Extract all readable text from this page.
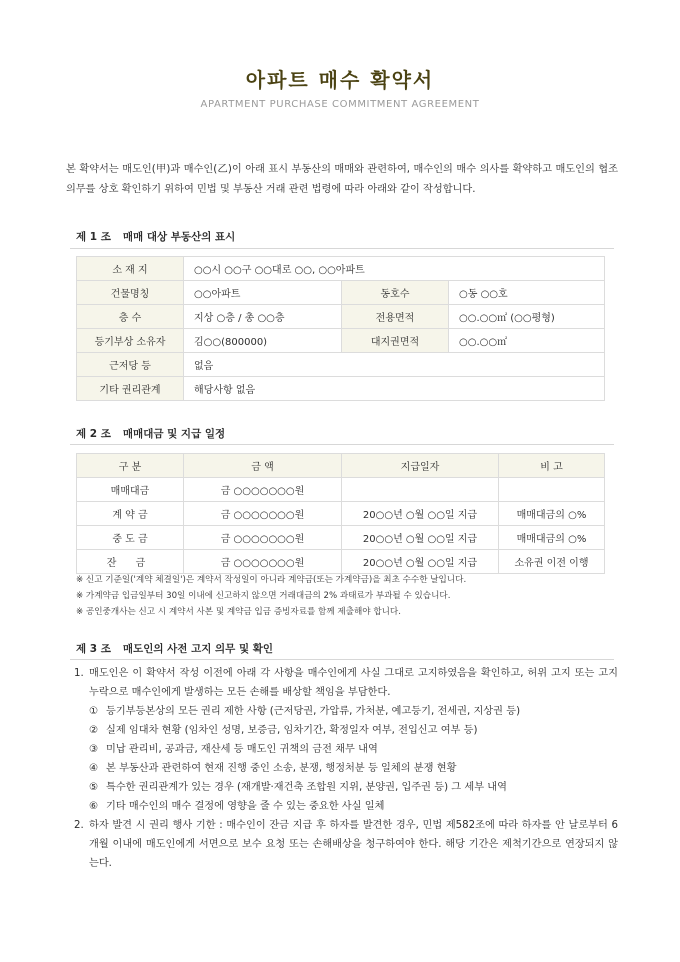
아파트 매수 확약서
APARTMENT PURCHASE COMMITMENT AGREEMENT
본 확약서는 매도인(甲)과 매수인(乙)이 아래 표시 부동산의 매매와 관련하여, 매수인의 매수 의사를 확약하고 매도인의 협조 의무를 상호 확인하기 위하여 민법 및 부동산 거래 관련 법령에 따라 아래와 같이 작성합니다.
제 1 조 매매 대상 부동산의 표시
소 재 지	○○시 ○○구 ○○대로 ○○, ○○아파트		
건물명칭	○○아파트	동호수	○동 ○○호
층 수	지상 ○층 / 총 ○○층	전용면적	○○.○○㎡ (○○평형)
등기부상 소유자	김○○(800000)	대지권면적	○○.○○㎡
근저당 등	없음		
기타 권리관계	해당사항 없음		
제 2 조 매매대금 및 지급 일정
구 분	금 액	지급일자	비 고
매매대금	금 ○○○○○○○원		
계 약 금	금 ○○○○○○○원	20○○년 ○월 ○○일 지급	매매대금의 ○%
중 도 금	금 ○○○○○○○원	20○○년 ○월 ○○일 지급	매매대금의 ○%
잔 금	금 ○○○○○○○원	20○○년 ○월 ○○일 지급	소유권 이전 이행
※ 신고 기준일('계약 체결일')은 계약서 작성일이 아니라 계약금(또는 가계약금)을 최초 수수한 날입니다.
※ 가계약금 입금일부터 30일 이내에 신고하지 않으면 거래대금의 2% 과태료가 부과될 수 있습니다.
※ 공인중개사는 신고 시 계약서 사본 및 계약금 입금 증빙자료를 함께 제출해야 합니다.
제 3 조 매도인의 사전 고지 의무 및 확인
1. 매도인은 이 확약서 작성 이전에 아래 각 사항을 매수인에게 사실 그대로 고지하였음을 확인하고, 허위 고지 또는 고지 누락으로 매수인에게 발생하는 모든 손해를 배상할 책임을 부담한다.
① 등기부등본상의 모든 권리 제한 사항 (근저당권, 가압류, 가처분, 예고등기, 전세권, 지상권 등)
② 실제 임대차 현황 (임차인 성명, 보증금, 임차기간, 확정일자 여부, 전입신고 여부 등)
③ 미납 관리비, 공과금, 재산세 등 매도인 귀책의 금전 채무 내역
④ 본 부동산과 관련하여 현재 진행 중인 소송, 분쟁, 행정처분 등 일체의 분쟁 현황
⑤ 특수한 권리관계가 있는 경우 (재개발·재건축 조합원 지위, 분양권, 입주권 등) 그 세부 내역
⑥ 기타 매수인의 매수 결정에 영향을 줄 수 있는 중요한 사실 일체
2. 하자 발견 시 권리 행사 기한 : 매수인이 잔금 지급 후 하자를 발견한 경우, 민법 제582조에 따라 하자를 안 날로부터 6개월 이내에 매도인에게 서면으로 보수 요청 또는 손해배상을 청구하여야 한다. 해당 기간은 제척기간으로 연장되지 않는다.
